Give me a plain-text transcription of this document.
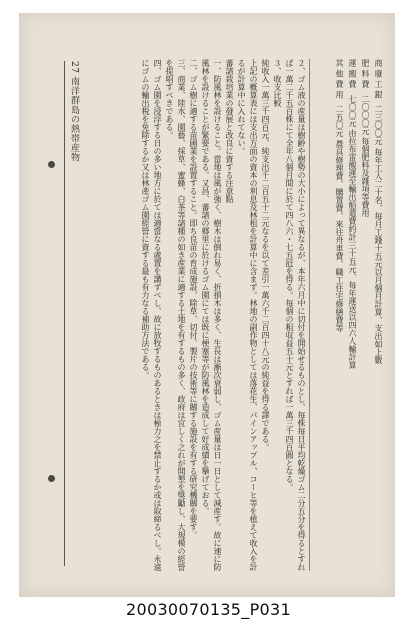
27 南洋群島の熱帯産物	２、ゴム液の産量は樹齢や樹勢の大小によって異なるが、本年六月中に切付を開始せるものとし、毎株毎日平均乾燥ゴム二分五分を得るとすれば一萬二千五百株にて全年八個月間に於て四八六・七五瓩を得る。毎個の粗収益五十元とすれば一萬三千四百圓となる。

３、收支比較

純收入一萬三千四百元、純支出千二百五十二元なるを以て差引一萬六千二百四十八元の純益を得る譯である。

上記の概算表には支出方面の資本の利息及林租を計算中に含まず。林地の副作物としては落花生、パインアップル、コーヒ等を植えて收入を計るが計算中に入れてない。

蕃諸栽培業の發展と改良に資する注意點

一、防風林を設けること。當地は風が強く、樹木は倒れ易く、折損木は多く、生長は漸次衰弱し、ゴム産量は日一日として減産す。故に速に防風林を設けることが緊要である。又昌、蕃諸の郷里に於けるゴム園にては既に梗塞等が防風林を造成して好成績を擧げておる。

二、ゴム樹に適する苗圃業を設置すること。即ち良苗の育成施設、除草、切付、製片の技術等に關する施設を有する研究機關を要す。

三、商業、陸水、園藝、採草、蜜蜂、白茶等諸種の如き産業に適する土地を有するもの多く、政府は宜しく之れが開墾を獎勵し、大規模の經營を提唱すべきである。

四、ゴム園を浸浮する日の多い地方に於ては適當なる處置を講ずべし、故に放牧するものあるときは極力之を禁止するか或は取締るべし。永遠にゴムの輸出税を免除するか又は林產ゴム園經營に資する最も有力なる補助方法である。	商 廢 工 銀 二三〇〇元 毎年工人二十名、毎月工錢十五元以月個月計算、支出如上數
肥 料 費 二〇〇〇元 每個肥料及雜項等費用
運 搬 費 七〇〇元 由拉布雷搬運至輸出船遣費約計三十五元、每年運送以四六人輸計算
其 他 費 用 二五〇元 農具修理費、購置費、來往舟車費、職工住宅修繕費等
20030070135_P031
